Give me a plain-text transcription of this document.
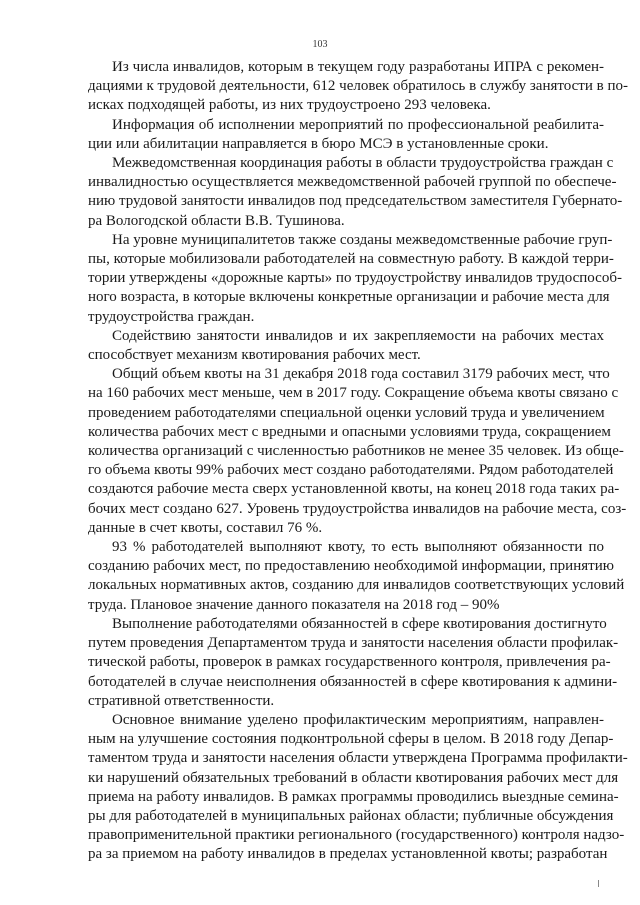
103
Из числа инвалидов, которым в текущем году разработаны ИПРА с рекомен-
дациями к трудовой деятельности, 612 человек обратилось в службу занятости в по-
исках подходящей работы, из них трудоустроено 293 человека.
Информация об исполнении мероприятий по профессиональной реабилита-
ции или абилитации направляется в бюро МСЭ в установленные сроки.
Межведомственная координация работы в области трудоустройства граждан с
инвалидностью осуществляется межведомственной рабочей группой по обеспече-
нию трудовой занятости инвалидов под председательством заместителя Губернато-
ра Вологодской области В.В. Тушинова.
На уровне муниципалитетов также созданы межведомственные рабочие груп-
пы, которые мобилизовали работодателей на совместную работу. В каждой терри-
тории утверждены «дорожные карты» по трудоустройству инвалидов трудоспособ-
ного возраста, в которые включены конкретные организации и рабочие места для
трудоустройства граждан.
Содействию занятости инвалидов и их закрепляемости на рабочих местах
способствует механизм квотирования рабочих мест.
Общий объем квоты на 31 декабря 2018 года составил 3179 рабочих мест, что
на 160 рабочих мест меньше, чем в 2017 году. Сокращение объема квоты связано с
проведением работодателями специальной оценки условий труда и увеличением
количества рабочих мест с вредными и опасными условиями труда, сокращением
количества организаций с численностью работников не менее 35 человек. Из обще-
го объема квоты 99% рабочих мест создано работодателями. Рядом работодателей
создаются рабочие места сверх установленной квоты, на конец 2018 года таких ра-
бочих мест создано 627. Уровень трудоустройства инвалидов на рабочие места, соз-
данные в счет квоты, составил 76 %.
93 % работодателей выполняют квоту, то есть выполняют обязанности по
созданию рабочих мест, по предоставлению необходимой информации, принятию
локальных нормативных актов, созданию для инвалидов соответствующих условий
труда. Плановое значение данного показателя на 2018 год – 90%
Выполнение работодателями обязанностей в сфере квотирования достигнуто
путем проведения Департаментом труда и занятости населения области профилак-
тической работы, проверок в рамках государственного контроля, привлечения ра-
ботодателей в случае неисполнения обязанностей в сфере квотирования к админи-
стративной ответственности.
Основное внимание уделено профилактическим мероприятиям, направлен-
ным на улучшение состояния подконтрольной сферы в целом. В 2018 году Депар-
таментом труда и занятости населения области утверждена Программа профилакти-
ки нарушений обязательных требований в области квотирования рабочих мест для
приема на работу инвалидов. В рамках программы проводились выездные семина-
ры для работодателей в муниципальных районах области; публичные обсуждения
правоприменительной практики регионального (государственного) контроля надзо-
ра за приемом на работу инвалидов в пределах установленной квоты; разработан
